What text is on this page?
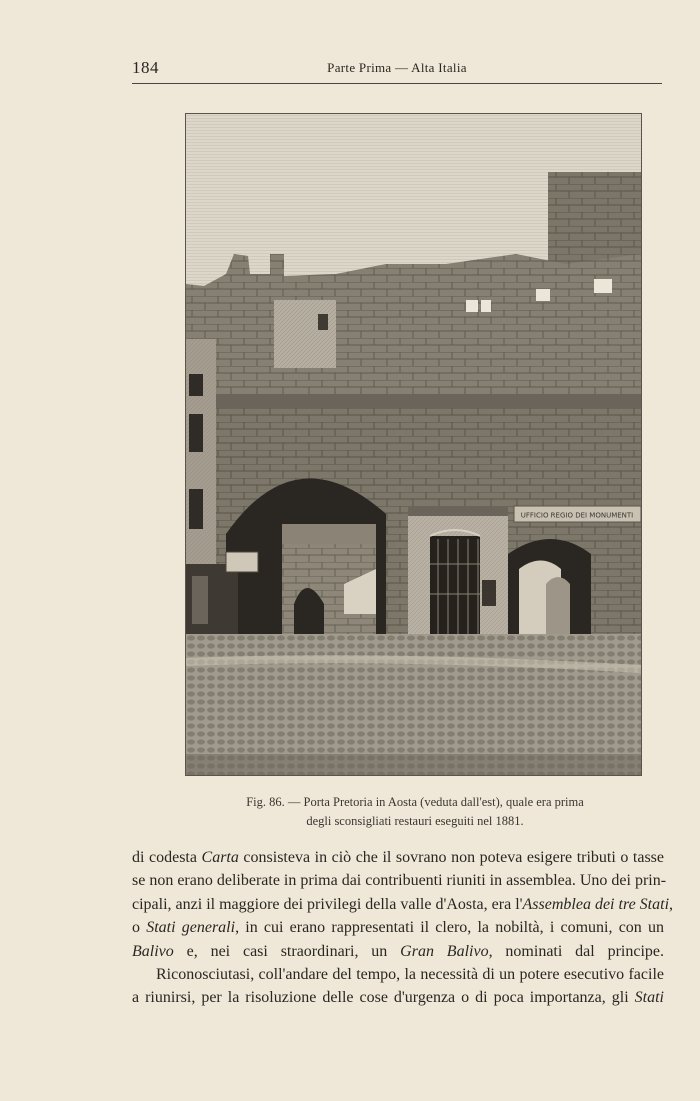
184	Parte Prima — Alta Italia
UFFICIO REGIO DEI MONUMENTI
Fig. 86. — Porta Pretoria in Aosta (veduta dall'est), quale era prima
degli sconsigliati restauri eseguiti nel 1881.
di codesta Carta consisteva in ciò che il sovrano non poteva esigere tributi o tasse
se non erano deliberate in prima dai contribuenti riuniti in assemblea. Uno dei prin-
cipali, anzi il maggiore dei privilegi della valle d'Aosta, era l'Assemblea dei tre Stati,
o Stati generali, in cui erano rappresentati il clero, la nobiltà, i comuni, con un
Balivo e, nei casi straordinari, un Gran Balivo, nominati dal principe.
Riconosciutasi, coll'andare del tempo, la necessità di un potere esecutivo facile
a riunirsi, per la risoluzione delle cose d'urgenza o di poca importanza, gli Stati
